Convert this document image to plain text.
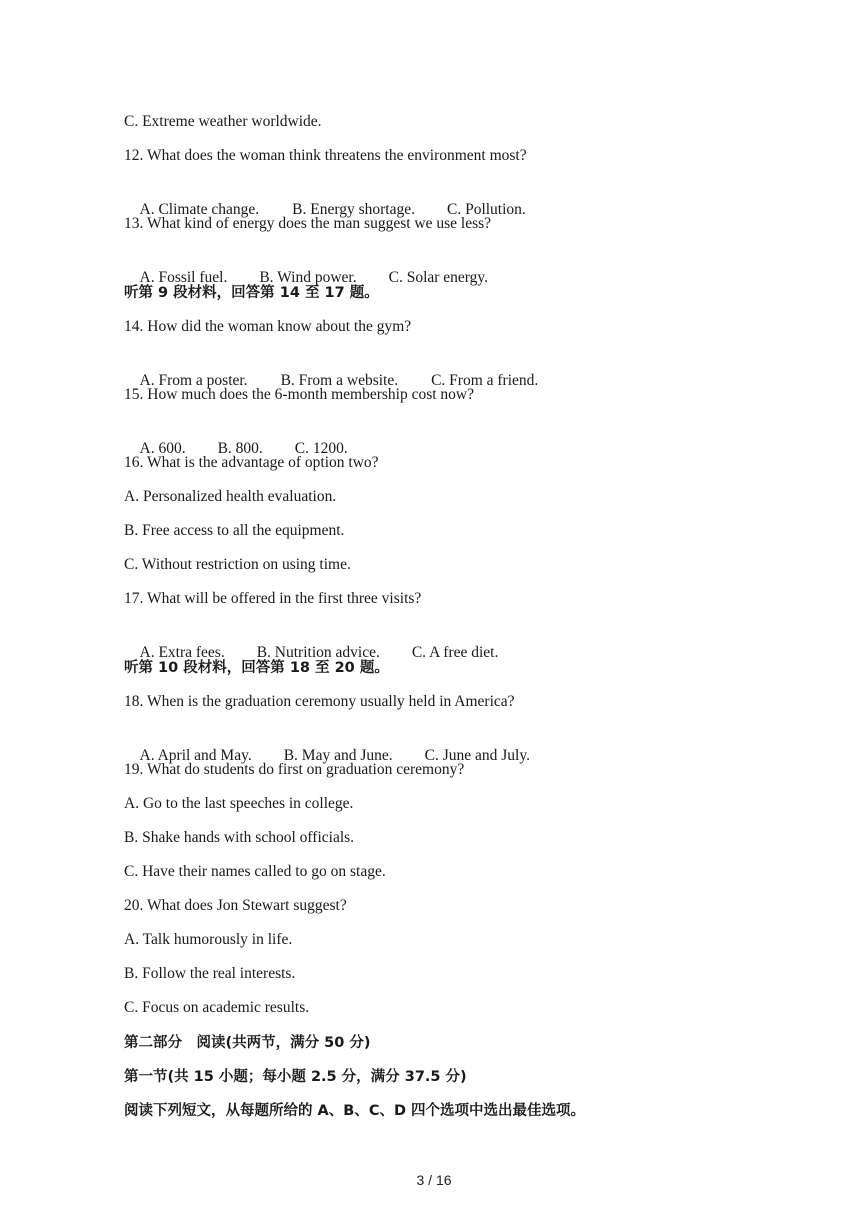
C. Extreme weather worldwide.
12. What does the woman think threatens the environment most?

A. Climate change. B. Energy shortage. C. Pollution.

13. What kind of energy does the man suggest we use less?

A. Fossil fuel. B. Wind power. C. Solar energy.

听第 9 段材料，回答第 14 至 17 题。
14. How did the woman know about the gym?

A. From a poster. B. From a website. C. From a friend.

15. How much does the 6-month membership cost now?

A. 600. B. 800. C. 1200.

16. What is the advantage of option two?
A. Personalized health evaluation.
B. Free access to all the equipment.
C. Without restriction on using time.
17. What will be offered in the first three visits?

A. Extra fees. B. Nutrition advice. C. A free diet.

听第 10 段材料，回答第 18 至 20 题。
18. When is the graduation ceremony usually held in America?

A. April and May. B. May and June. C. June and July.

19. What do students do first on graduation ceremony?
A. Go to the last speeches in college.
B. Shake hands with school officials.
C. Have their names called to go on stage.
20. What does Jon Stewart suggest?
A. Talk humorously in life.
B. Follow the real interests.
C. Focus on academic results.
第二部分　阅读(共两节，满分 50 分)
第一节(共 15 小题；每小题 2.5 分，满分 37.5 分)
阅读下列短文，从每题所给的 A、B、C、D 四个选项中选出最佳选项。
3 / 16
